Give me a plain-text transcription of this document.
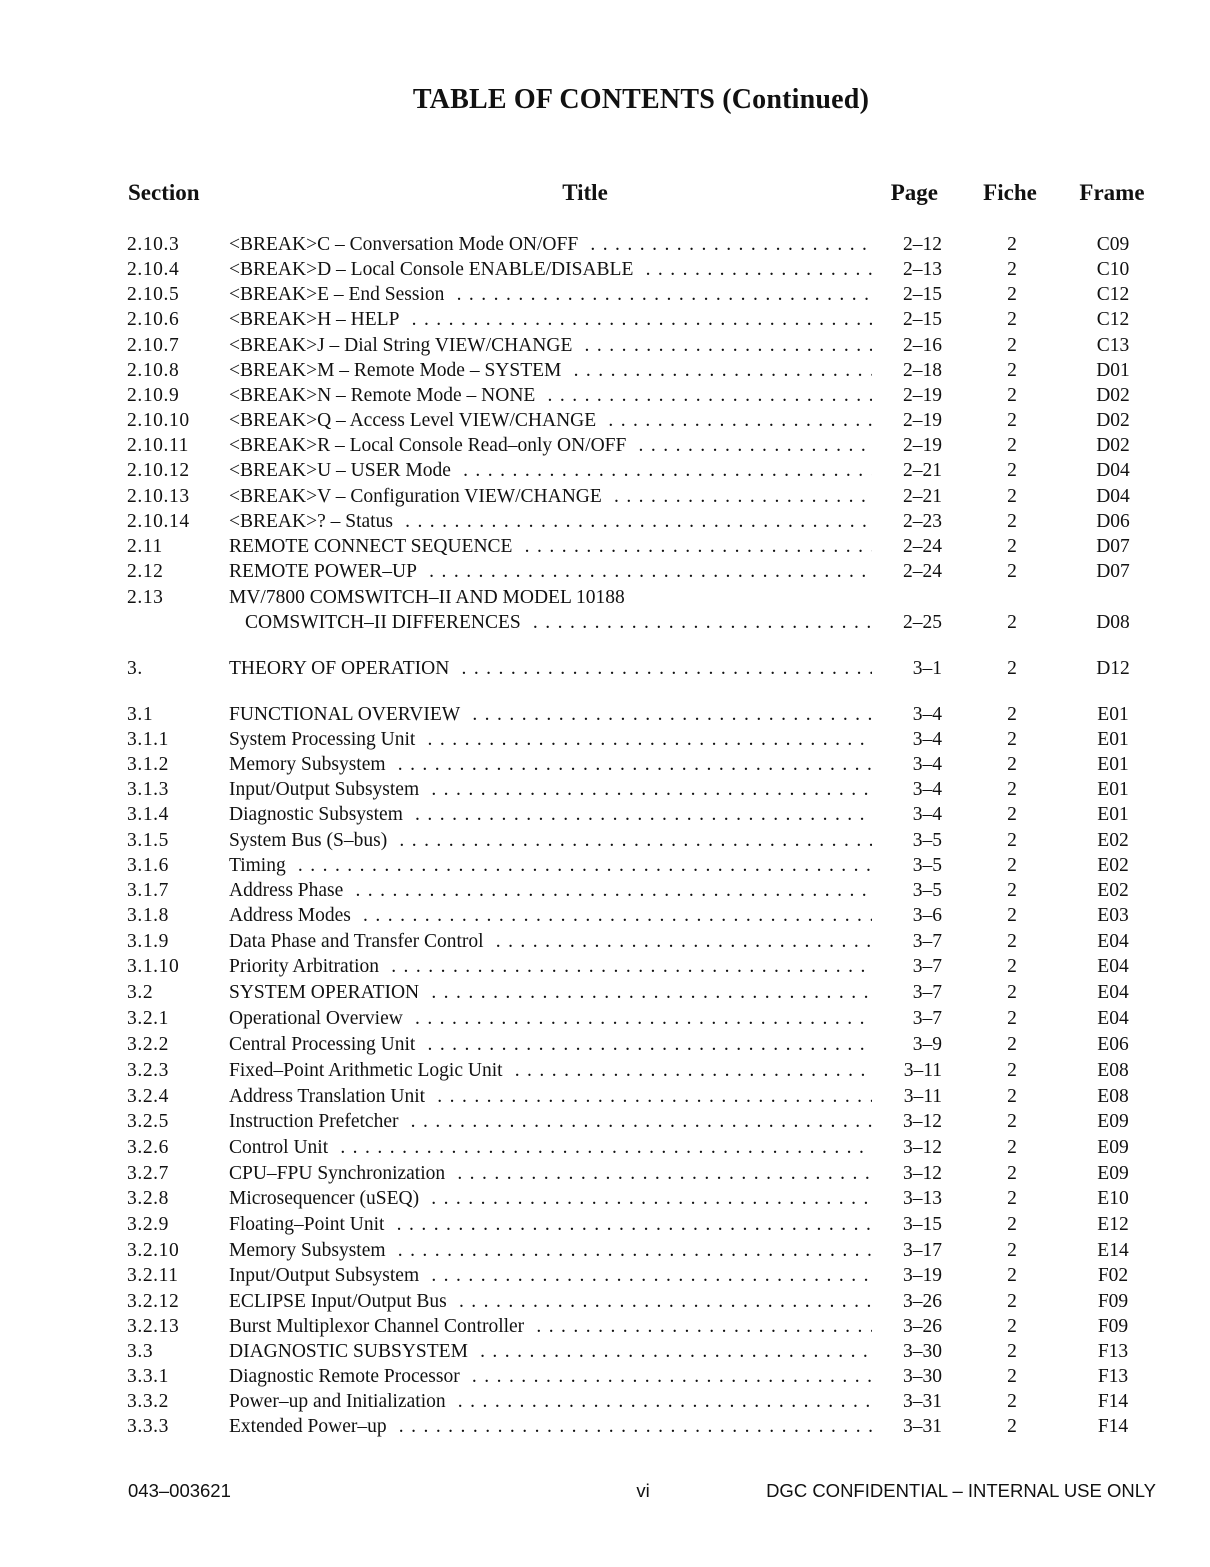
TABLE OF CONTENTS (Continued)
Section	Title	Page	Fiche	Frame
2.10.3	<BREAK>C – Conversation Mode ON/OFF . . .	2–12	2	C09
2.10.4	<BREAK>D – Local Console ENABLE/DISABLE . . .	2–13	2	C10
2.10.5	<BREAK>E – End Session . . .	2–15	2	C12
2.10.6	<BREAK>H – HELP . . .	2–15	2	C12
2.10.7	<BREAK>J – Dial String VIEW/CHANGE . . .	2–16	2	C13
2.10.8	<BREAK>M – Remote Mode – SYSTEM . . .	2–18	2	D01
2.10.9	<BREAK>N – Remote Mode – NONE . . .	2–19	2	D02
2.10.10 <BREAK>Q – Access Level VIEW/CHANGE . . .	2–19	2	D02
2.10.11 <BREAK>R – Local Console Read–only ON/OFF . . .	2–19	2	D02
2.10.12 <BREAK>U – USER Mode . . .	2–21	2	D04
2.10.13 <BREAK>V – Configuration VIEW/CHANGE . . .	2–21	2	D04
2.10.14 <BREAK>? – Status . . .	2–23	2	D06
2.11	REMOTE CONNECT SEQUENCE . . .	2–24	2	D07
2.12	REMOTE POWER–UP . . .	2–24	2	D07
2.13	MV/7800 COMSWITCH–II AND MODEL 10188
COMSWITCH–II DIFFERENCES . . .	2–25	2	D08
3.	THEORY OF OPERATION . . .	3–1	2	D12
3.1	FUNCTIONAL OVERVIEW . . .	3–4	2	E01
3.1.1	System Processing Unit . . .	3–4	2	E01
3.1.2	Memory Subsystem . . .	3–4	2	E01
3.1.3	Input/Output Subsystem . . .	3–4	2	E01
3.1.4	Diagnostic Subsystem . . .	3–4	2	E01
3.1.5	System Bus (S–bus) . . .	3–5	2	E02
3.1.6	Timing . . .	3–5	2	E02
3.1.7	Address Phase . . .	3–5	2	E02
3.1.8	Address Modes . . .	3–6	2	E03
3.1.9	Data Phase and Transfer Control . . .	3–7	2	E04
3.1.10	Priority Arbitration . . .	3–7	2	E04
3.2	SYSTEM OPERATION . . .	3–7	2	E04
3.2.1	Operational Overview . . .	3–7	2	E04
3.2.2	Central Processing Unit . . .	3–9	2	E06
3.2.3	Fixed–Point Arithmetic Logic Unit . . .	3–11	2	E08
3.2.4	Address Translation Unit . . .	3–11	2	E08
3.2.5	Instruction Prefetcher . . .	3–12	2	E09
3.2.6	Control Unit . . .	3–12	2	E09
3.2.7	CPU–FPU Synchronization . . .	3–12	2	E09
3.2.8	Microsequencer (uSEQ) . . .	3–13	2	E10
3.2.9	Floating–Point Unit . . .	3–15	2	E12
3.2.10	Memory Subsystem . . .	3–17	2	E14
3.2.11	Input/Output Subsystem . . .	3–19	2	F02
3.2.12	ECLIPSE Input/Output Bus . . .	3–26	2	F09
3.2.13	Burst Multiplexor Channel Controller . . .	3–26	2	F09
3.3	DIAGNOSTIC SUBSYSTEM . . .	3–30	2	F13
3.3.1	Diagnostic Remote Processor . . .	3–30	2	F13
3.3.2	Power–up and Initialization . . .	3–31	2	F14
3.3.3	Extended Power–up . . .	3–31	2	F14
043–003621	vi	DGC CONFIDENTIAL – INTERNAL USE ONLY
